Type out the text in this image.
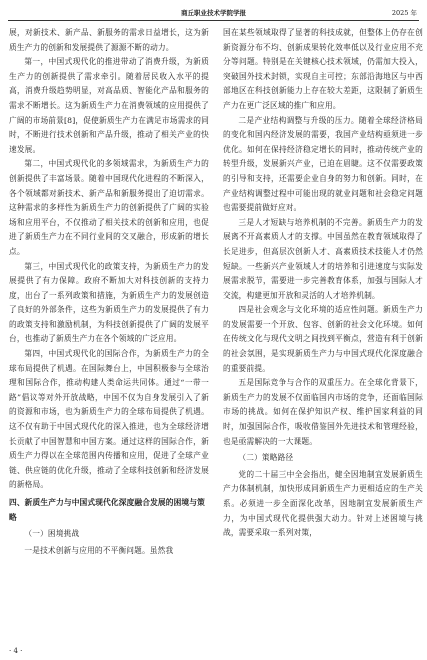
商丘职业技术学院学报	2025 年

展，对新技术、新产品、新服务的需求日益增长，这为新质生产力的创新和发展提供了源源不断的动力。

第一，中国式现代化的推进带动了消费升级，为新质生产力的创新提供了需求牵引。随着居民收入水平的提高，消费升级趋势明显，对高品质、智能化产品和服务的需求不断增长。这为新质生产力在消费领域的应用提供了广阔的市场前景[8]，促使新质生产力在满足市场需求的同时，不断进行技术创新和产品升级，推动了相关产业的快速发展。

第二，中国式现代化的多领域需求，为新质生产力的创新提供了丰富场景。随着中国现代化进程的不断深入，各个领域都对新技术、新产品和新服务提出了迫切需求。这种需求的多样性为新质生产力的创新提供了广阔的实验场和应用平台，不仅推动了相关技术的创新和应用，也促进了新质生产力在不同行业间的交叉融合，形成新的增长点。

第三，中国式现代化的政策支持，为新质生产力的发展提供了有力保障。政府不断加大对科技创新的支持力度，出台了一系列政策和措施，为新质生产力的发展创造了良好的外部条件，这些为新质生产力的发展提供了有力的政策支持和激励机制，为科技创新提供了广阔的发展平台，也推动了新质生产力在各个领域的广泛应用。

第四，中国式现代化的国际合作，为新质生产力的全球布局提供了机遇。在国际舞台上，中国积极参与全球治理和国际合作，推动构建人类命运共同体。通过“一带一路”倡议等对外开放战略，中国不仅为自身发展引入了新的资源和市场，也为新质生产力的全球布局提供了机遇。这不仅有助于中国式现代化的深入推进，也为全球经济增长贡献了中国智慧和中国方案。通过这样的国际合作，新质生产力得以在全球范围内传播和应用，促进了全球产业链、供应链的优化升级，推动了全球科技创新和经济发展的新格局。

四、新质生产力与中国式现代化深度融合发展的困境与策略

（一）困境挑战

一是技术创新与应用的不平衡问题。虽然我

国在某些领域取得了显著的科技成就，但整体上仍存在创新资源分布不均、创新成果转化效率低以及行业应用不充分等问题。特别是在关键核心技术领域，仍需加大投入，突破国外技术封锁，实现自主可控；东部沿海地区与中西部地区在科技创新能力上存在较大差距，这限制了新质生产力在更广泛区域的推广和应用。

二是产业结构调整与升级的压力。随着全球经济格局的变化和国内经济发展的需要，我国产业结构亟须进一步优化。如何在保持经济稳定增长的同时，推动传统产业的转型升级，发展新兴产业，已迫在眉睫。这不仅需要政策的引导和支持，还需要企业自身的努力和创新。同时，在产业结构调整过程中可能出现的就业问题和社会稳定问题也需要提前做好应对。

三是人才短缺与培养机制的不完善。新质生产力的发展离不开高素质人才的支撑。中国虽然在教育领域取得了长足进步，但高层次创新人才、高素质技术技能人才仍然短缺。一些新兴产业领域人才的培养和引进速度与实际发展需求脱节，需要进一步完善教育体系，加强与国际人才交流，构建更加开放和灵活的人才培养机制。

四是社会观念与文化环境的适应性问题。新质生产力的发展需要一个开放、包容、创新的社会文化环境。如何在传统文化与现代文明之间找到平衡点，营造有利于创新的社会氛围，是实现新质生产力与中国式现代化深度融合的重要前提。

五是国际竞争与合作的双重压力。在全球化背景下，新质生产力的发展不仅面临国内市场的竞争，还面临国际市场的挑战。如何在保护知识产权、维护国家利益的同时，加强国际合作，吸收借鉴国外先进技术和管理经验，也是亟需解决的一大课题。

（二）策略路径

党的二十届三中全会指出，健全因地制宜发展新质生产力体制机制，加快形成同新质生产力更相适应的生产关系。必须进一步全面深化改革，因地制宜发展新质生产力，为中国式现代化提供强大动力。针对上述困境与挑战，需要采取一系列对策，

· 4 ·
